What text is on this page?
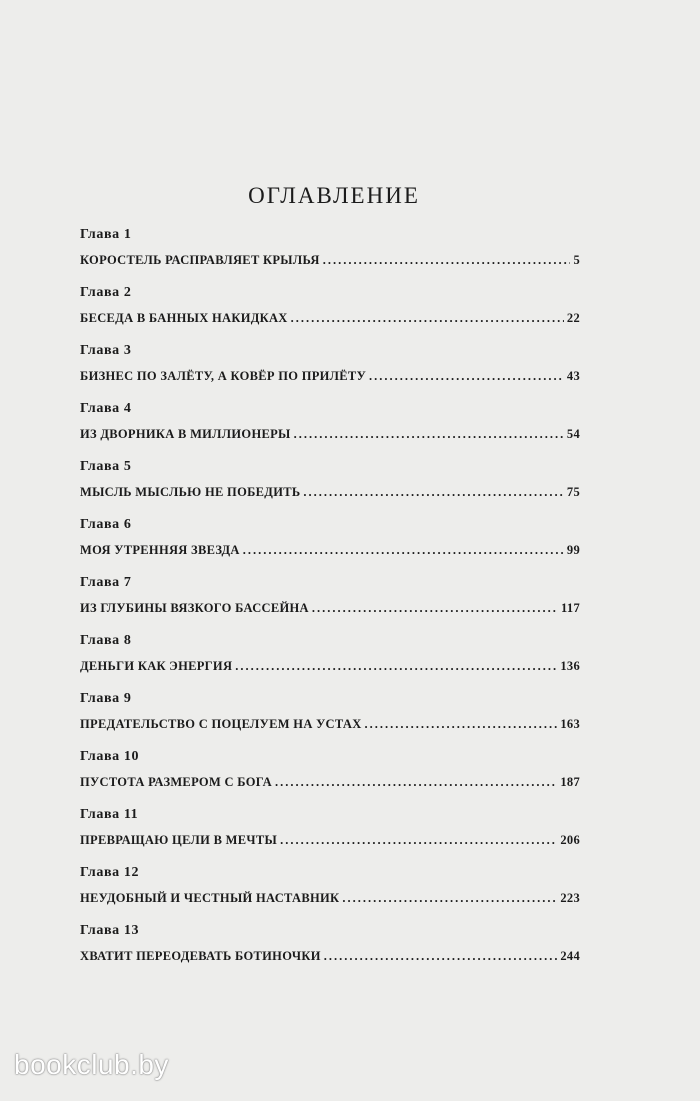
ОГЛАВЛЕНИЕ
Глава 1
КОРОСТЕЛЬ РАСПРАВЛЯЕТ КРЫЛЬЯ .....	5
Глава 2
БЕСЕДА В БАННЫХ НАКИДКАХ .....	22
Глава 3
БИЗНЕС ПО ЗАЛЁТУ, А КОВЁР ПО ПРИЛЁТУ .....	43
Глава 4
ИЗ ДВОРНИКА В МИЛЛИОНЕРЫ .....	54
Глава 5
МЫСЛЬ МЫСЛЬЮ НЕ ПОБЕДИТЬ .....	75
Глава 6
МОЯ УТРЕННЯЯ ЗВЕЗДА .....	99
Глава 7
ИЗ ГЛУБИНЫ ВЯЗКОГО БАССЕЙНА .....	117
Глава 8
ДЕНЬГИ КАК ЭНЕРГИЯ .....	136
Глава 9
ПРЕДАТЕЛЬСТВО С ПОЦЕЛУЕМ НА УСТАХ .....	163
Глава 10
ПУСТОТА РАЗМЕРОМ С БОГА .....	187
Глава 11
ПРЕВРАЩАЮ ЦЕЛИ В МЕЧТЫ .....	206
Глава 12
НЕУДОБНЫЙ И ЧЕСТНЫЙ НАСТАВНИК .....	223
Глава 13
ХВАТИТ ПЕРЕОДЕВАТЬ БОТИНОЧКИ .....	244
bookclub.by
